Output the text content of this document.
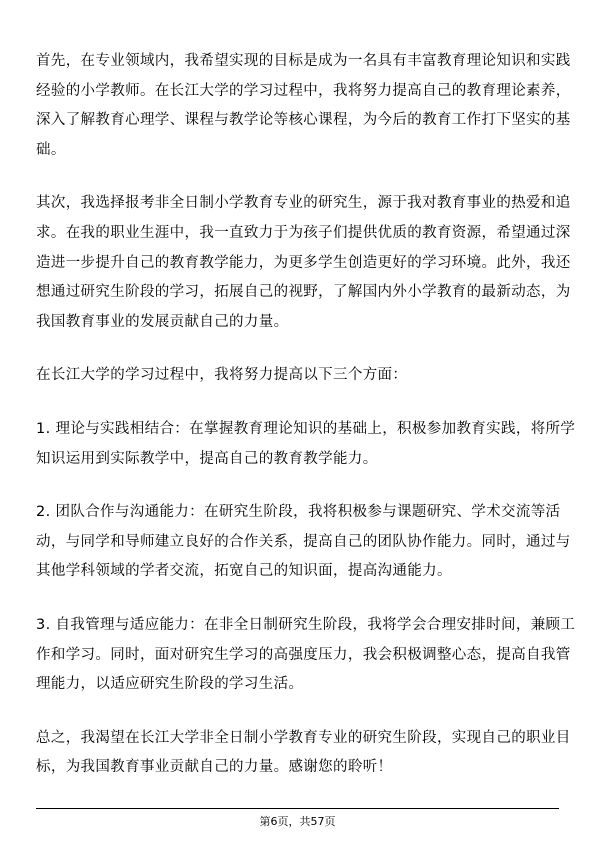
首先，在专业领域内，我希望实现的目标是成为一名具有丰富教育理论知识和实践
经验的小学教师。在长江大学的学习过程中，我将努力提高自己的教育理论素养，
深入了解教育心理学、课程与教学论等核心课程，为今后的教育工作打下坚实的基
础。

其次，我选择报考非全日制小学教育专业的研究生，源于我对教育事业的热爱和追
求。在我的职业生涯中，我一直致力于为孩子们提供优质的教育资源，希望通过深
造进一步提升自己的教育教学能力，为更多学生创造更好的学习环境。此外，我还
想通过研究生阶段的学习，拓展自己的视野，了解国内外小学教育的最新动态，为
我国教育事业的发展贡献自己的力量。

在长江大学的学习过程中，我将努力提高以下三个方面：

1. 理论与实践相结合：在掌握教育理论知识的基础上，积极参加教育实践，将所学
知识运用到实际教学中，提高自己的教育教学能力。

2. 团队合作与沟通能力：在研究生阶段，我将积极参与课题研究、学术交流等活
动，与同学和导师建立良好的合作关系，提高自己的团队协作能力。同时，通过与
其他学科领域的学者交流，拓宽自己的知识面，提高沟通能力。

3. 自我管理与适应能力：在非全日制研究生阶段，我将学会合理安排时间，兼顾工
作和学习。同时，面对研究生学习的高强度压力，我会积极调整心态，提高自我管
理能力，以适应研究生阶段的学习生活。

总之，我渴望在长江大学非全日制小学教育专业的研究生阶段，实现自己的职业目
标，为我国教育事业贡献自己的力量。感谢您的聆听！

第6页，共57页
